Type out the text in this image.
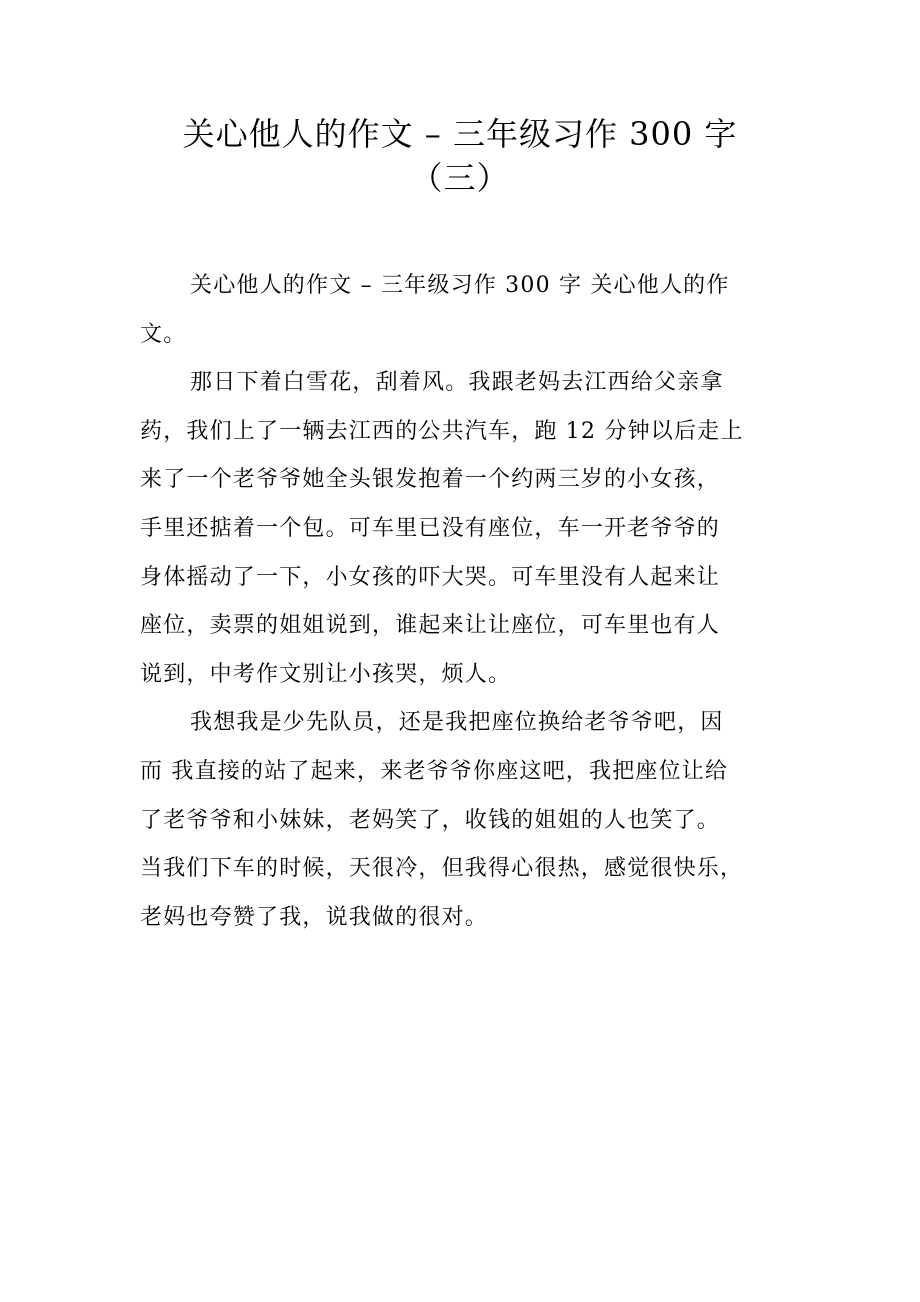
关心他人的作文 – 三年级习作 300 字
（三）
关心他人的作文 – 三年级习作 300 字 关心他人的作
文。
那日下着白雪花，刮着风。我跟老妈去江西给父亲拿
药，我们上了一辆去江西的公共汽车，跑 12 分钟以后走上
来了一个老爷爷她全头银发抱着一个约两三岁的小女孩，
手里还掂着一个包。可车里已没有座位，车一开老爷爷的
身体摇动了一下，小女孩的吓大哭。可车里没有人起来让
座位，卖票的姐姐说到，谁起来让让座位，可车里也有人
说到，中考作文别让小孩哭，烦人。
我想我是少先队员，还是我把座位换给老爷爷吧，因
而 我直接的站了起来，来老爷爷你座这吧，我把座位让给
了老爷爷和小妹妹，老妈笑了，收钱的姐姐的人也笑了。
当我们下车的时候，天很冷，但我得心很热，感觉很快乐，
老妈也夸赞了我，说我做的很对。
